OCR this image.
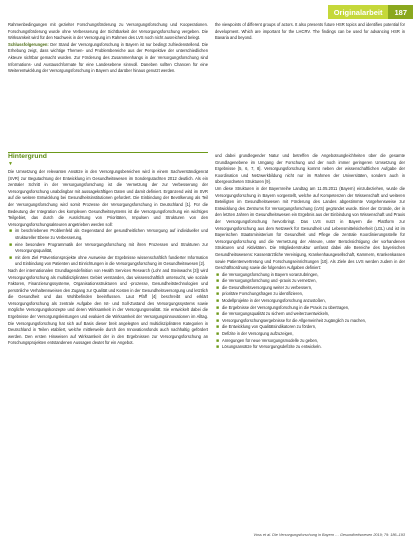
Originalarbeit	187

Rahmenbedingungen mit gezielter Forschungsförderung zu Versorgungsforschung und Kooperationen. Forschungsförderung wurde ohne Verbesserung der Sichtbarkeit der Versorgungsforschung vergeben. Die Wirksamkeit wird für den Nachweis in der Versorgung im Rahmen des LVS noch nicht ausreichend belegt.

Schlussfolgerungen: Der Stand der Versorgungsforschung in Bayern ist nur bedingt zufriedenstellend. Die Erhebung zeigt, dass wichtige Themen- und Problembereiche aus der Perspektive der unterschiedlichen Akteure sichtbar gemacht wurden. Zur Förderung des Zusammenhangs in der Versorgungsforschung sind Informations- und Austauschformate für eine Landesebene sinnvoll. Daneben sollten Chancen für eine Weiterentwicklung der Versorgungsforschung in Bayern und darüber hinaus genutzt werden.

the viewpoints of different groups of actors. It also presents future HSR topics and identifies potential for development. Which are important for the LHCRV. The findings can be used for advancing HSR in Bavaria and beyond.

Hintergrund

▼

Die Umsetzung der relevanten Ansätze in den Versorgungsbereichen wird in einem Sachverständigenrat (SVR) zur Begutachtung der Entwicklung im Gesundheitswesen im Sondergutachten 2012 deutlich. Als ein zentraler Schritt in der Versorgungsforschung ist die Vernetzung der zur Verbesserung der Versorgungsforschung unabdingbar mit aussagekräftigen Daten und damit definiert. Ergänzend wird im SVR auf die weitere Entwicklung bei Gesundheitsinstitutionen gefordert. Die Einbindung der Bevölkerung als Teil der Versorgungsforschung wird somit Prozesse der Versorgungsforschung in Deutschland [1]. Für die Bedeutung der Integration des komplexen Gesundheitssystems ist die Versorgungsforschung ein wichtiges Teilgebiet, das durch die Ausrichtung von Prioritäten, Impulsen und Strukturen von den Versorgungsforschungsakteuren angetrieben werden soll:

■ im beschriebenen Problemfeld als Gegenstand der gesundheitlichen Versorgung auf individueller und struktureller Ebene zu Verbesserung,
■ eine besondere Programmatik der Versorgungsforschung mit ihren Prozessen und Strukturen zur Versorgungsqualität,
■ mit dem Ziel Präventionsprojekte ohne Ausweise der Ergebnisse wissenschaftlich fundierter Information und Einbindung von Patienten und Einrichtungen in die Versorgungsforschung im Gesundheitswesen [2].

Nach der internationalen Grundlagendefinition von Health Services Research (Lohr and Steinwachs [3]) wird Versorgungsforschung als multidisziplinäres Gebiet verstanden, das wissenschaftlich untersucht, wie soziale Faktoren, Finanzierungssysteme, Organisationsstrukturen und -prozesse, Gesundheitstechnologien und persönliche Verhaltensweisen den Zugang zur Qualität und Kosten in der Gesundheitsversorgung und letztlich die Gesundheit und das Wohlbefinden beeinflussen. Laut Pfaff [4] beschreibt und erklärt Versorgungsforschung als zentrale Aufgabe den Ist- und Soll-Zustand des Versorgungssystems sowie mögliche Versorgungskonzepte und deren Wirksamkeit in der Versorgungsrealität. Sie entwickelt dabei die Ergebnisse der Versorgungsleistungen und evaluiert die Wirksamkeit der Versorgungsinnovationen im Alltag. Die Versorgungsforschung hat sich auf Basis dieser breit angelegten und multidisziplinären Kategorien in Deutschland in Teilen etabliert, welche mittlerweile durch den Innovationsfonds auch nachhaltig gefördert werden. Den ersten Hinweisen auf Wirksamkeit der in den Ergebnissen zur Versorgungsforschung an Forschungsprojekten entstandenen Aussagen deutet für ein Angebot.

und dabei grundlegender Natur und betreffen die Angebotsungleichheiten über die gesamte Grundlagenebene im Umgang der Forschung und der noch immer geringeren Umsetzung der Ergebnisse [5, 6, 7, 8]. Versorgungsforschung kommt neben der wissenschaftlichen Aufgabe der Koordination und Netzwerkbildung nicht nur im Rahmen der Universitäten, sondern auch in übergeordneten Strukturen [9].

Um diese Strukturen in der Bayernreihe Landtag am 11.05.2011 (Bayern) einzubeziehen, wurde die Versorgungsforschung in Bayern vorgestellt, welche auf Kompetenzen der Wissenschaft und weiteren Beteiligten im Gesundheitswesen mit Förderung des Landes abgestimmte Vorgehensweise zur Entwicklung des Zentrums für Versorgungsforschung (LVS) gegründet wurde. Einer der Gründe, der in den letzten Jahren im Gesundheitswesen ein Ergebnis aus der Einbindung von Wissenschaft und Praxis der Versorgungsforschung hervorbringt. Das LVS nutzt in Bayern die Plattform zur Versorgungsforschung aus dem Netzwerk für Gesundheit und Lebensmittelsicherheit (LGL) und ist im Bayerischen Staatsministerium für Gesundheit und Pflege die zentrale Koordinierungsstelle für Versorgungsforschung und die Vernetzung der Akteure, unter Berücksichtigung der vorhandenen Strukturen und Aktivitäten. Die Mitgliederstruktur umfasst dabei alle Bereiche des bayerischen Gesundheitswesens: Kassenärztliche Vereinigung, Krankenhausgesellschaft, Kammern, Krankenkassen sowie Patientenvertretung und Forschungseinrichtungen [10]. Als Ziele des LVS werden zudem in der Geschäftsordnung sowie die folgenden Aufgaben definiert:

■ die Versorgungsforschung in Bayern voranzubringen,
■ die Versorgungsforschung und -praxis zu vernetzen,
■ die Gesundheitsversorgung weiter zu verbessern,
■ prioritäre Forschungsfragen zu identifizieren,
■ Modellprojekte in der Versorgungsforschung anzustoßen,
■ die Ergebnisse der Versorgungsforschung in die Praxis zu übertragen,
■ die Versorgungsqualität zu sichern und weiterzuentwickeln,
■ Versorgungsforschungsergebnisse für die Allgemeinheit zugänglich zu machen,
■ die Entwicklung von Qualitätsindikatoren zu fördern,
■ Defizite in der Versorgung aufzuzeigen,
■ Anregungen für neue Versorgungsmodelle zu geben,
■ Lösungsansätze für Versorgungsdefizite zu entwickeln.
Voss et al. Die Versorgungsforschung in Bayern … Gesundheitswesen 2019; 79: 186–193
